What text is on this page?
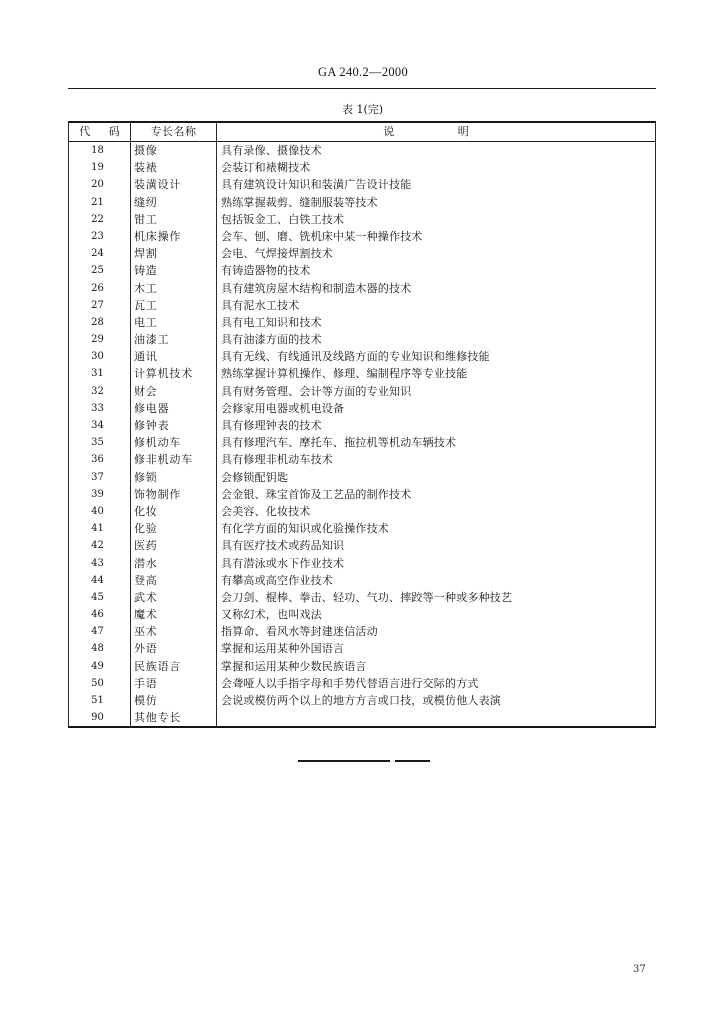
GA 240.2—2000
表 1(完)
代 码	专长名称	说 明
18	摄像	具有录像、摄像技术
19	装裱	会装订和裱糊技术
20	装潢设计	具有建筑设计知识和装潢广告设计技能
21	缝纫	熟练掌握裁剪、缝制服装等技术
22	钳工	包括钣金工、白铁工技术
23	机床操作	会车、刨、磨、铣机床中某一种操作技术
24	焊割	会电、气焊接焊割技术
25	铸造	有铸造器物的技术
26	木工	具有建筑房屋木结构和制造木器的技术
27	瓦工	具有泥水工技术
28	电工	具有电工知识和技术
29	油漆工	具有油漆方面的技术
30	通讯	具有无线、有线通讯及线路方面的专业知识和维修技能
31	计算机技术	熟练掌握计算机操作、修理、编制程序等专业技能
32	财会	具有财务管理、会计等方面的专业知识
33	修电器	会修家用电器或机电设备
34	修钟表	具有修理钟表的技术
35	修机动车	具有修理汽车、摩托车、拖拉机等机动车辆技术
36	修非机动车	具有修理非机动车技术
37	修锁	会修锁配钥匙
39	饰物制作	会金银、珠宝首饰及工艺品的制作技术
40	化妆	会美容、化妆技术
41	化验	有化学方面的知识或化验操作技术
42	医药	具有医疗技术或药品知识
43	潜水	具有潜泳或水下作业技术
44	登高	有攀高或高空作业技术
45	武术	会刀剑、棍棒、拳击、轻功、气功、摔跤等一种或多种技艺
46	魔术	又称幻术，也叫戏法
47	巫术	指算命、看风水等封建迷信活动
48	外语	掌握和运用某种外国语言
49	民族语言	掌握和运用某种少数民族语言
50	手语	会聋哑人以手指字母和手势代替语言进行交际的方式
51	模仿	会说或模仿两个以上的地方方言或口技，或模仿他人表演
90	其他专长
37
